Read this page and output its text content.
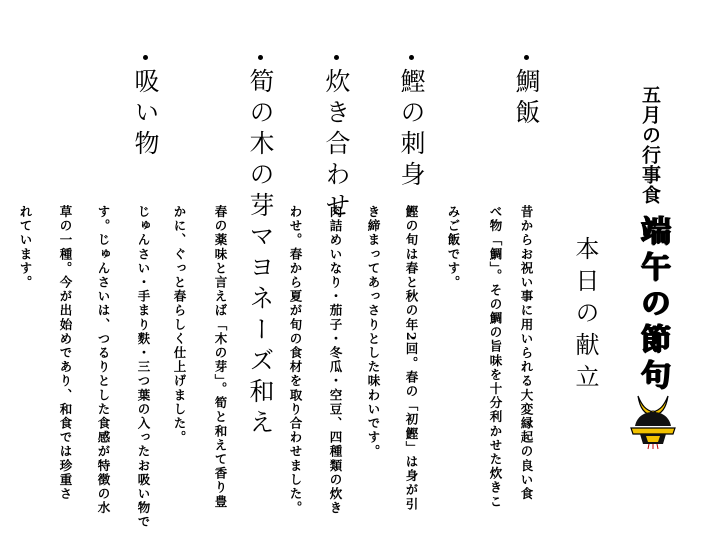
五月の行事食
端午の節句
本日の献立
鯛飯
昔からお祝い事に用いられる大変縁起の良い食
べ物「鯛」。その鯛の旨味を十分利かせた炊きこ
みご飯です。
鰹の刺身
鰹の旬は春と秋の年2回。春の「初鰹」は身が引
き締まってあっさりとした味わいです。
炊き合わせ
肉詰めいなり・茄子・冬瓜・空豆、四種類の炊き
わせ。春から夏が旬の食材を取り合わせました。
筍の木の芽マヨネーズ和え
春の薬味と言えば「木の芽」。筍と和えて香り豊
かに、ぐっと春らしく仕上げました。
吸い物
じゅんさい・手まり麩・三つ葉の入ったお吸い物で
す。じゅんさいは、つるりとした食感が特徴の水
草の一種。今が出始めであり、和食では珍重さ
れています。
